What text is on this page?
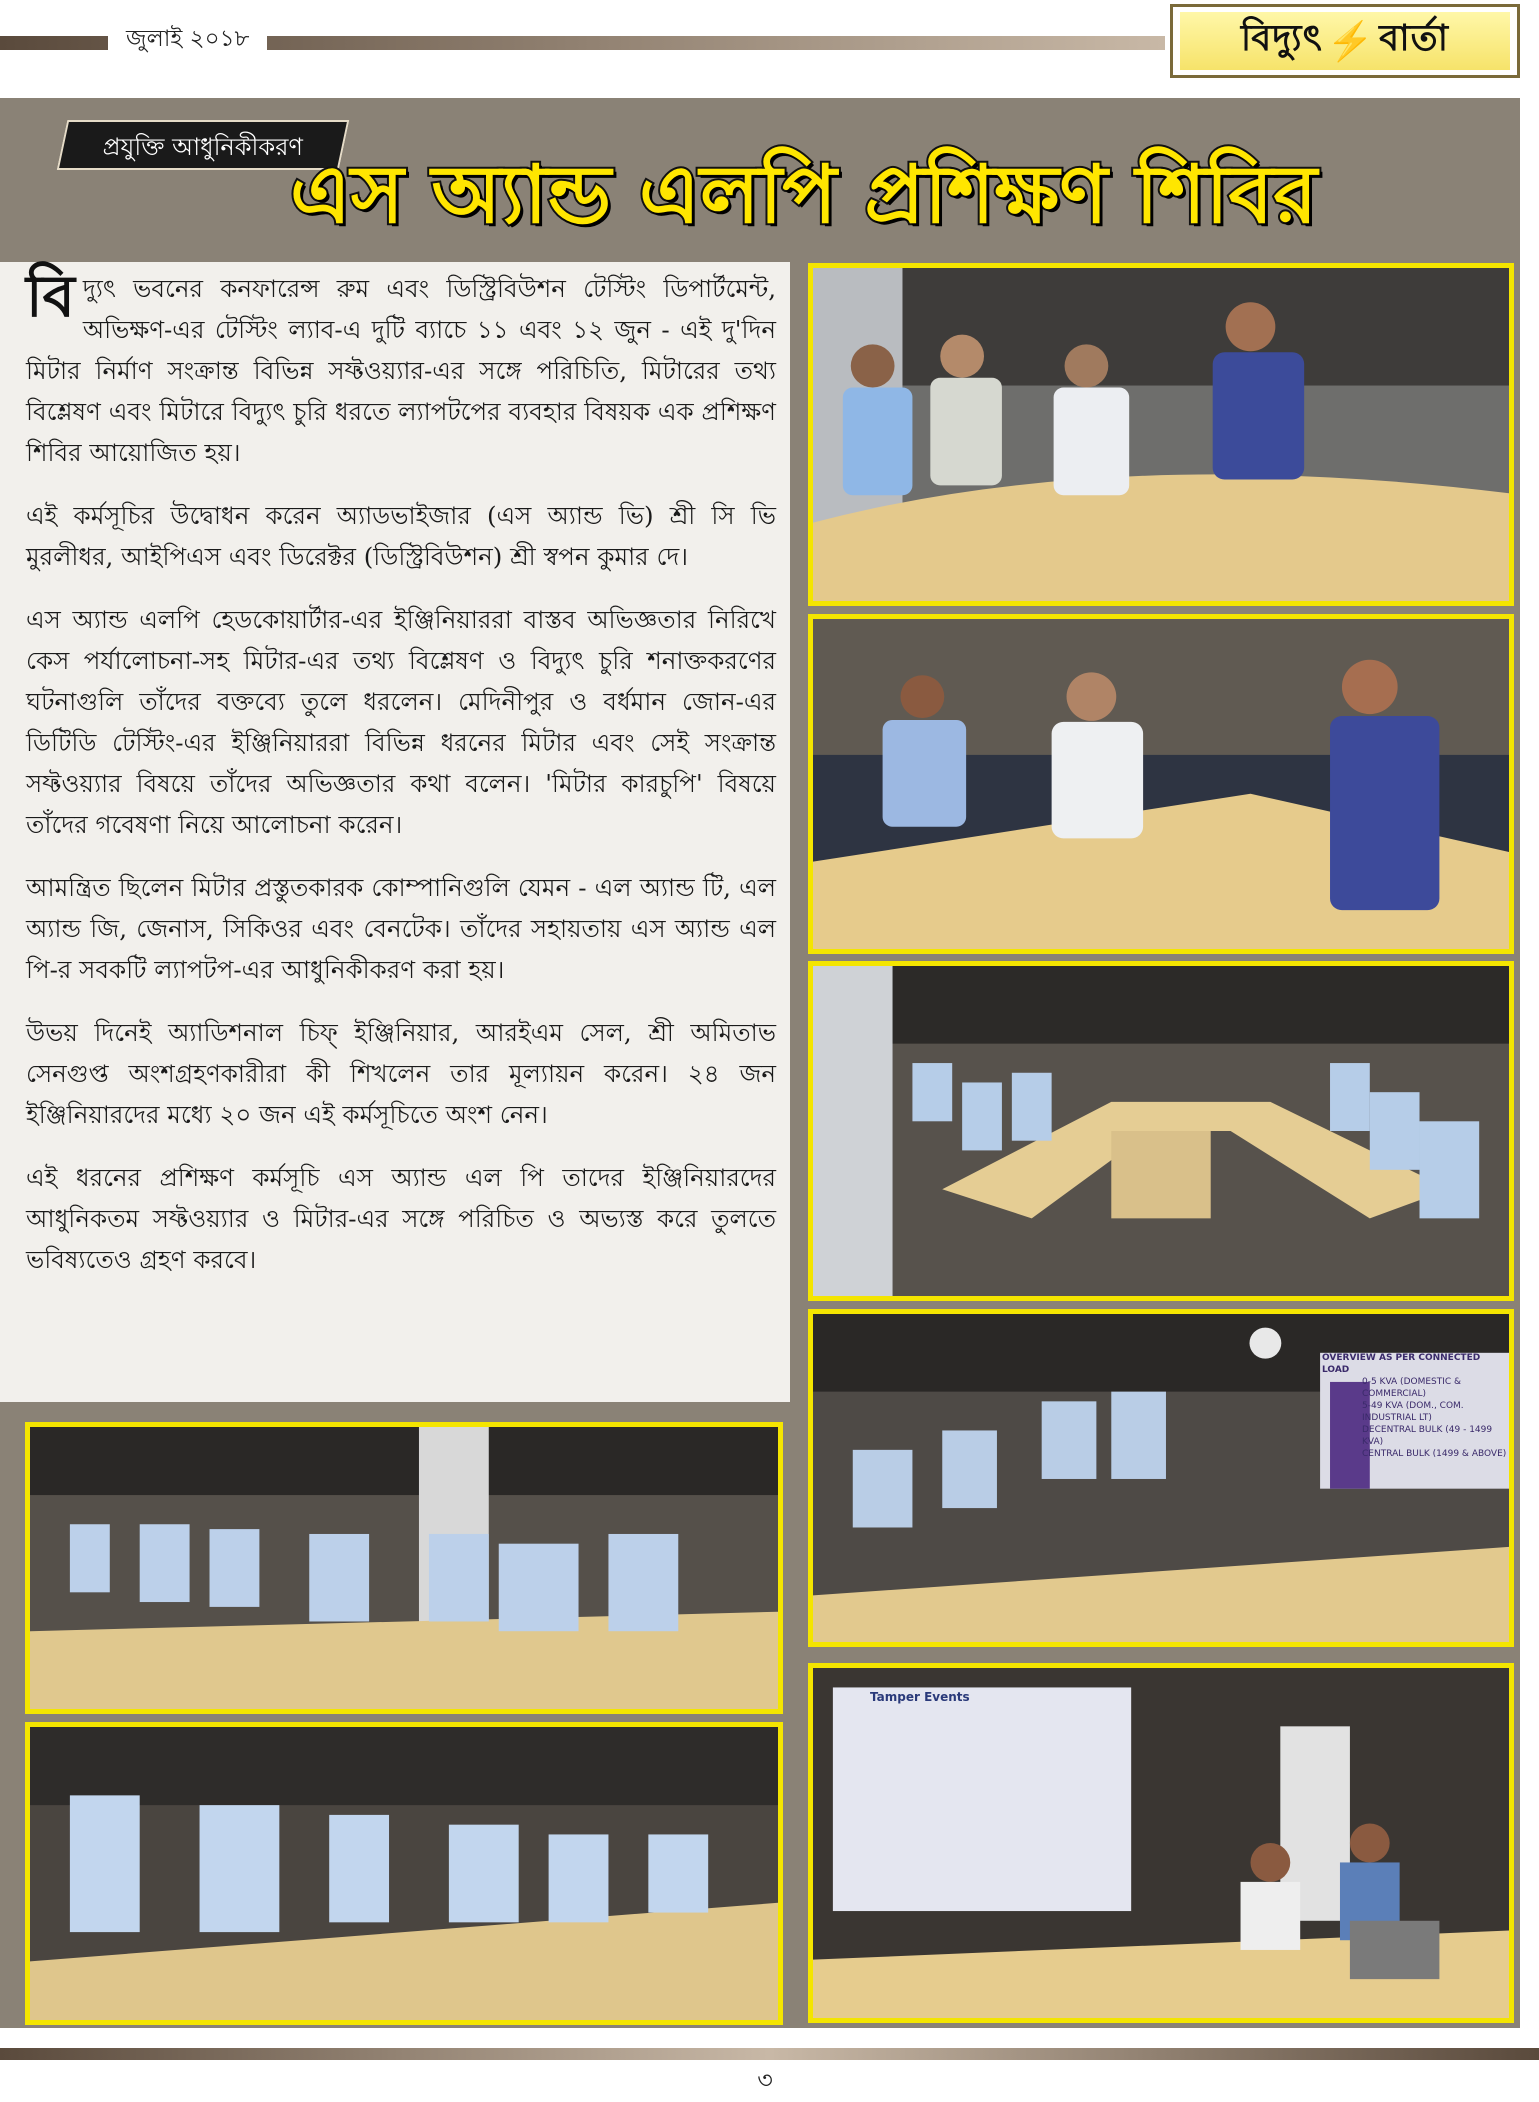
জুলাই ২০১৮	বিদ্যুৎ ⚡ বার্তা
প্রযুক্তি আধুনিকীকরণ
এস অ্যান্ড এলপি প্রশিক্ষণ শিবির

বিদ্যুৎ ভবনের কনফারেন্স রুম এবং ডিস্ট্রিবিউশন টেস্টিং ডিপার্টমেন্ট, অভিক্ষণ-এর টেস্টিং ল্যাব-এ দুটি ব্যাচে ১১ এবং ১২ জুন - এই দু'দিন মিটার নির্মাণ সংক্রান্ত বিভিন্ন সফ্টওয়্যার-এর সঙ্গে পরিচিতি, মিটারের তথ্য বিশ্লেষণ এবং মিটারে বিদ্যুৎ চুরি ধরতে ল্যাপটপের ব্যবহার বিষয়ক এক প্রশিক্ষণ শিবির আয়োজিত হয়।

এই কর্মসূচির উদ্বোধন করেন অ্যাডভাইজার (এস অ্যান্ড ভি) শ্রী সি ভি মুরলীধর, আইপিএস এবং ডিরেক্টর (ডিস্ট্রিবিউশন) শ্রী স্বপন কুমার দে।

এস অ্যান্ড এলপি হেডকোয়ার্টার-এর ইঞ্জিনিয়াররা বাস্তব অভিজ্ঞতার নিরিখে কেস পর্যালোচনা-সহ মিটার-এর তথ্য বিশ্লেষণ ও বিদ্যুৎ চুরি শনাক্তকরণের ঘটনাগুলি তাঁদের বক্তব্যে তুলে ধরলেন। মেদিনীপুর ও বর্ধমান জোন-এর ডিটিডি টেস্টিং-এর ইঞ্জিনিয়াররা বিভিন্ন ধরনের মিটার এবং সেই সংক্রান্ত সফ্টওয়্যার বিষয়ে তাঁদের অভিজ্ঞতার কথা বলেন। 'মিটার কারচুপি' বিষয়ে তাঁদের গবেষণা নিয়ে আলোচনা করেন।

আমন্ত্রিত ছিলেন মিটার প্রস্তুতকারক কোম্পানিগুলি যেমন - এল অ্যান্ড টি, এল অ্যান্ড জি, জেনাস, সিকিওর এবং বেনটেক। তাঁদের সহায়তায় এস অ্যান্ড এল পি-র সবকটি ল্যাপটপ-এর আধুনিকীকরণ করা হয়।

উভয় দিনেই অ্যাডিশনাল চিফ্ ইঞ্জিনিয়ার, আরইএম সেল, শ্রী অমিতাভ সেনগুপ্ত অংশগ্রহণকারীরা কী শিখলেন তার মূল্যায়ন করেন। ২৪ জন ইঞ্জিনিয়ারদের মধ্যে ২০ জন এই কর্মসূচিতে অংশ নেন।

এই ধরনের প্রশিক্ষণ কর্মসূচি এস অ্যান্ড এল পি তাদের ইঞ্জিনিয়ারদের আধুনিকতম সফ্টওয়্যার ও মিটার-এর সঙ্গে পরিচিত ও অভ্যস্ত করে তুলতে ভবিষ্যতেও গ্রহণ করবে।

OVERVIEW AS PER CONNECTED LOAD
0-5 KVA (DOMESTIC & COMMERCIAL)
5-49 KVA (DOM., COM. INDUSTRIAL LT)
DECENTRAL BULK (49 - 1499 KVA)
CENTRAL BULK (1499 & ABOVE)
Tamper Events
৩
